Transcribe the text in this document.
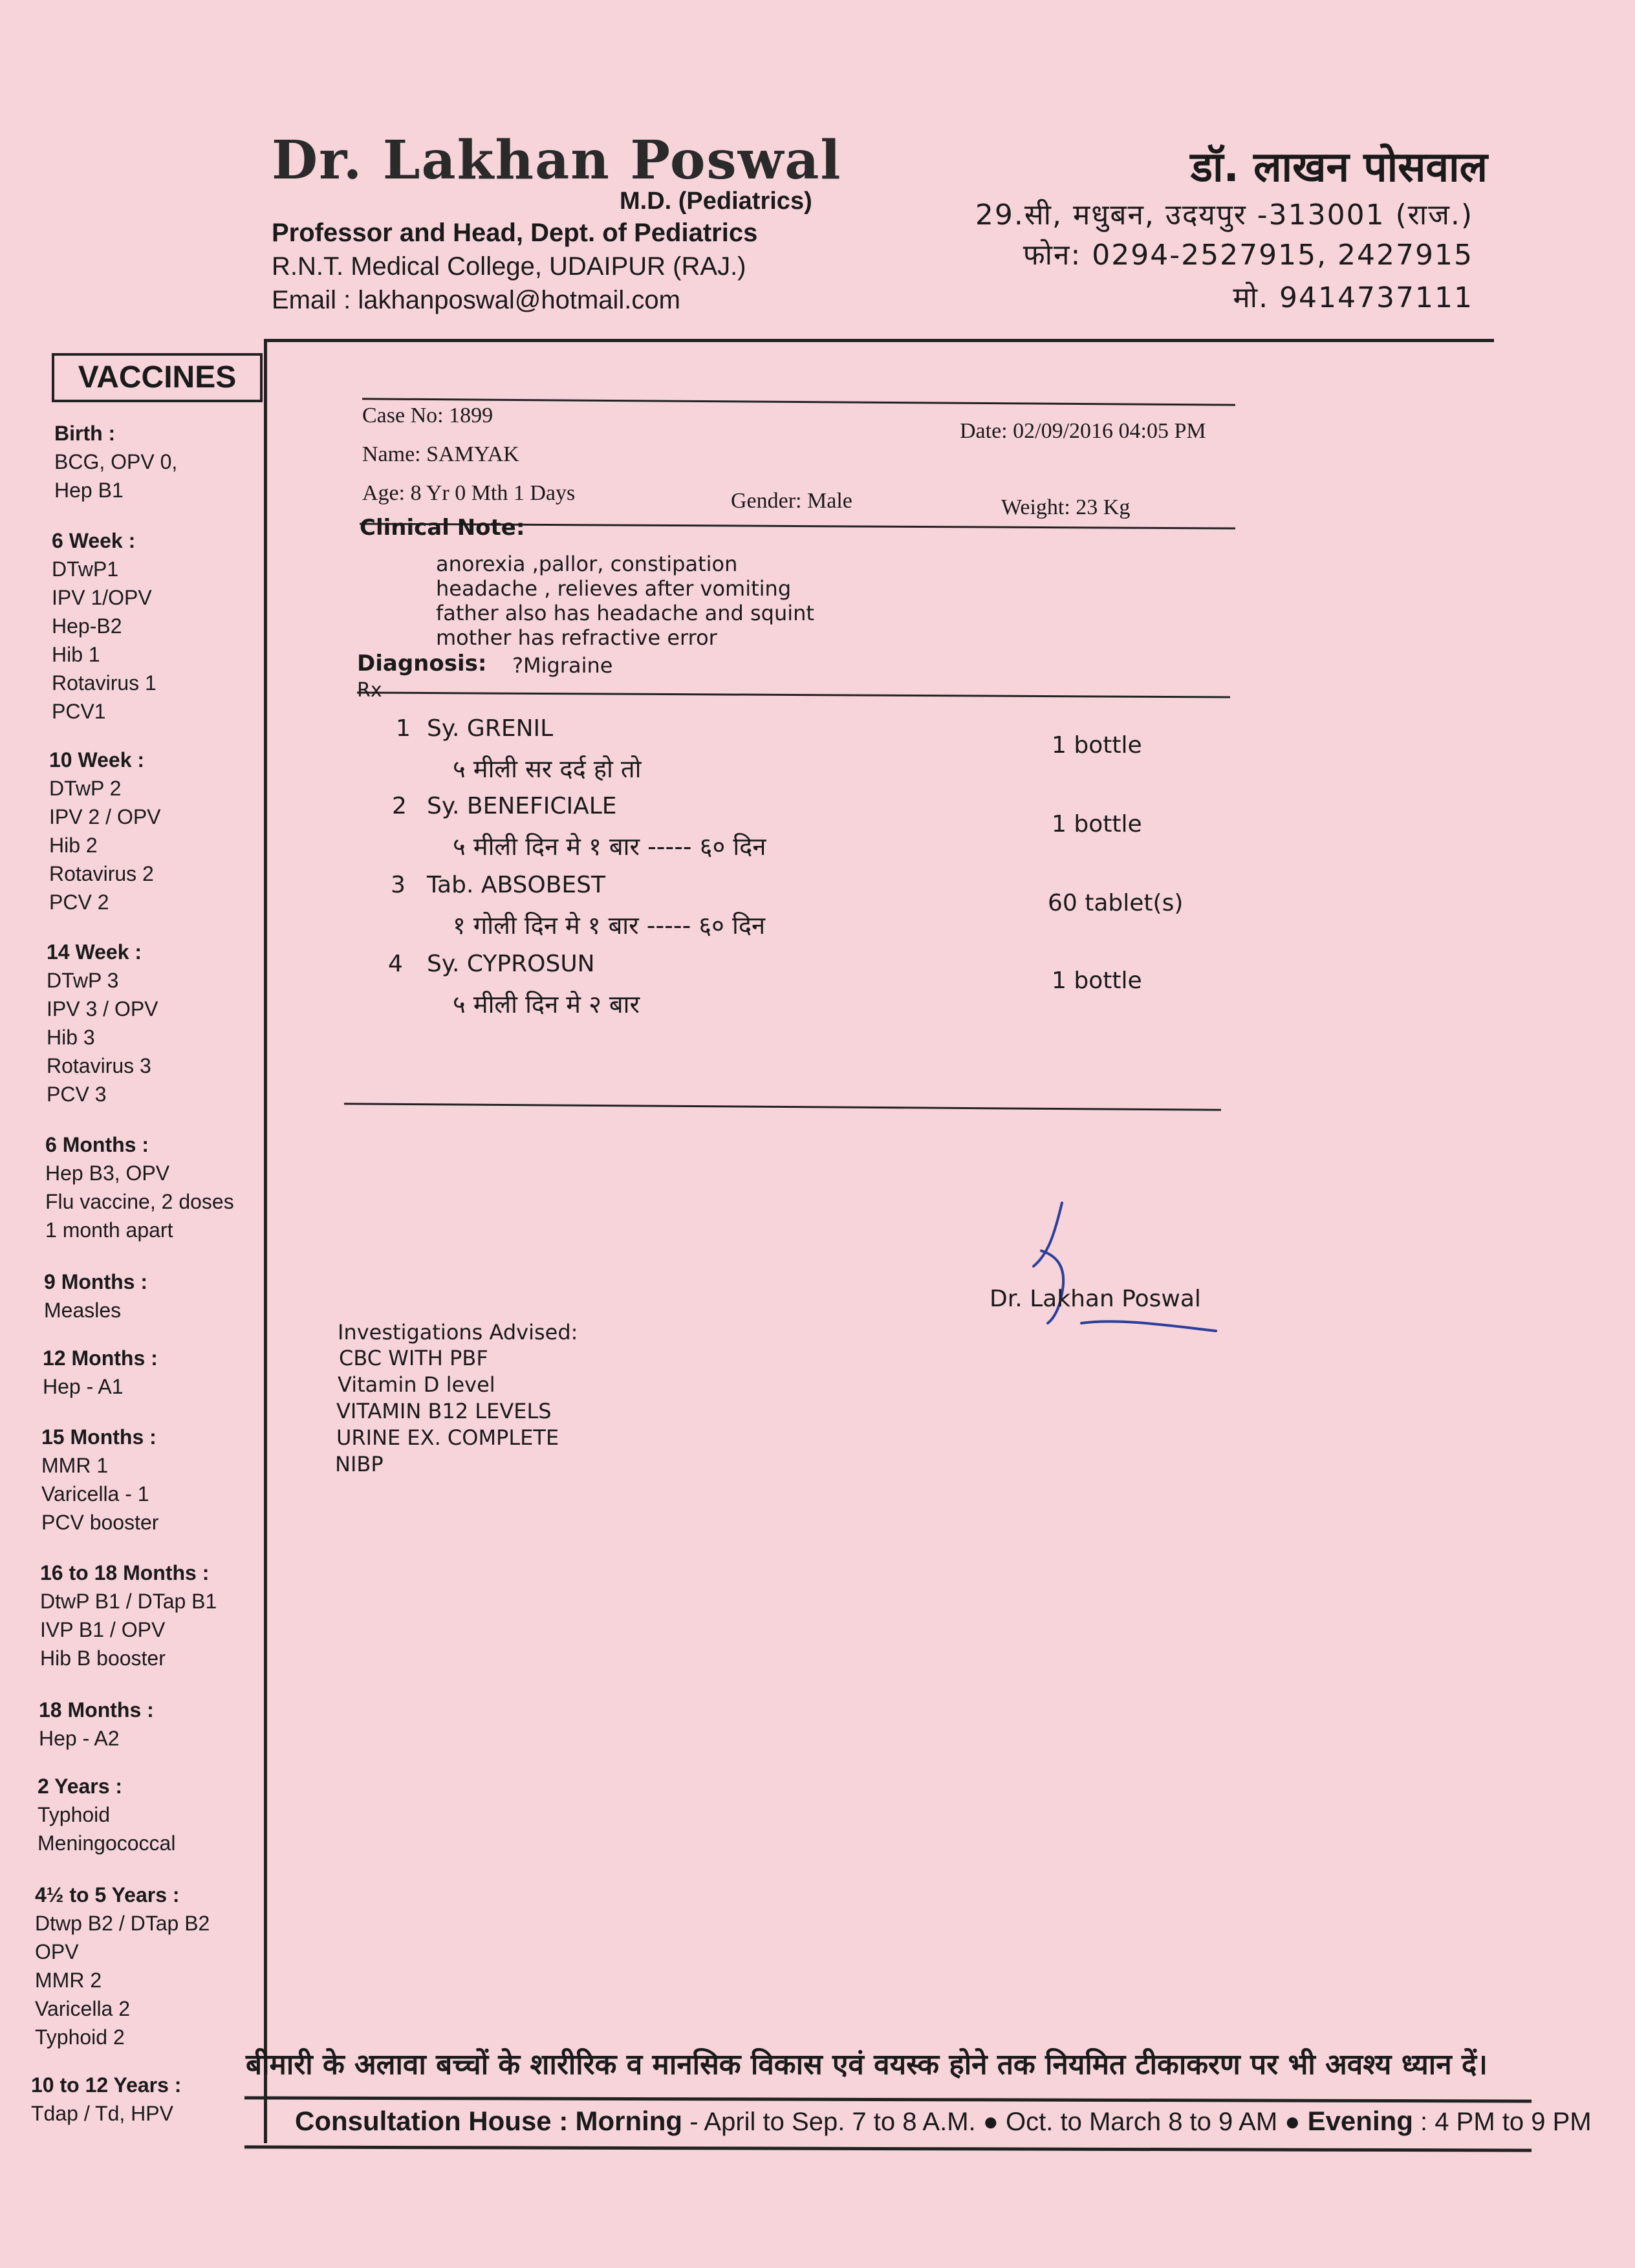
Dr. Lakhan Poswal
M.D. (Pediatrics)
Professor and Head, Dept. of Pediatrics
R.N.T. Medical College, UDAIPUR (RAJ.)
Email : lakhanposwal@hotmail.com
डॉ. लाखन पोसवाल
29.सी, मधुबन, उदयपुर -313001 (राज.)
फोन: 0294-2527915, 2427915
मो. 9414737111
VACCINES
Birth :
BCG, OPV 0,
Hep B1
6 Week :
DTwP1
IPV 1/OPV
Hep-B2
Hib 1
Rotavirus 1
PCV1
10 Week :
DTwP 2
IPV 2 / OPV
Hib 2
Rotavirus 2
PCV 2
14 Week :
DTwP 3
IPV 3 / OPV
Hib 3
Rotavirus 3
PCV 3
6 Months :
Hep B3, OPV
Flu vaccine, 2 doses
1 month apart
9 Months :
Measles
12 Months :
Hep - A1
15 Months :
MMR 1
Varicella - 1
PCV booster
16 to 18 Months :
DtwP B1 / DTap B1
IVP B1 / OPV
Hib B booster
18 Months :
Hep - A2
2 Years :
Typhoid
Meningococcal
4½ to 5 Years :
Dtwp B2 / DTap B2
OPV
MMR 2
Varicella 2
Typhoid 2
10 to 12 Years :
Tdap / Td, HPV
Case No: 1899
Date: 02/09/2016 04:05 PM
Name: SAMYAK
Age: 8 Yr 0 Mth 1 Days	Gender: Male	Weight: 23 Kg
Clinical Note:
anorexia ,pallor, constipation
headache , relieves after vomiting
father also has headache and squint
mother has refractive error
Diagnosis: ?Migraine
Rx
1 Sy. GRENIL
५ मीली सर दर्द हो तो
1 bottle
2 Sy. BENEFICIALE
५ मीली दिन मे १ बार ----- ६० दिन
1 bottle
3 Tab. ABSOBEST
१ गोली दिन मे १ बार ----- ६० दिन
60 tablet(s)
4 Sy. CYPROSUN
५ मीली दिन मे २ बार
1 bottle
Dr. Lakhan Poswal
Investigations Advised:
CBC WITH PBF
Vitamin D level
VITAMIN B12 LEVELS
URINE EX. COMPLETE
NIBP
बीमारी के अलावा बच्चों के शारीरिक व मानसिक विकास एवं वयस्क होने तक नियमित टीकाकरण पर भी अवश्य ध्यान दें।
Consultation House : Morning - April to Sep. 7 to 8 A.M. ● Oct. to March 8 to 9 AM ● Evening : 4 PM to 9 PM
